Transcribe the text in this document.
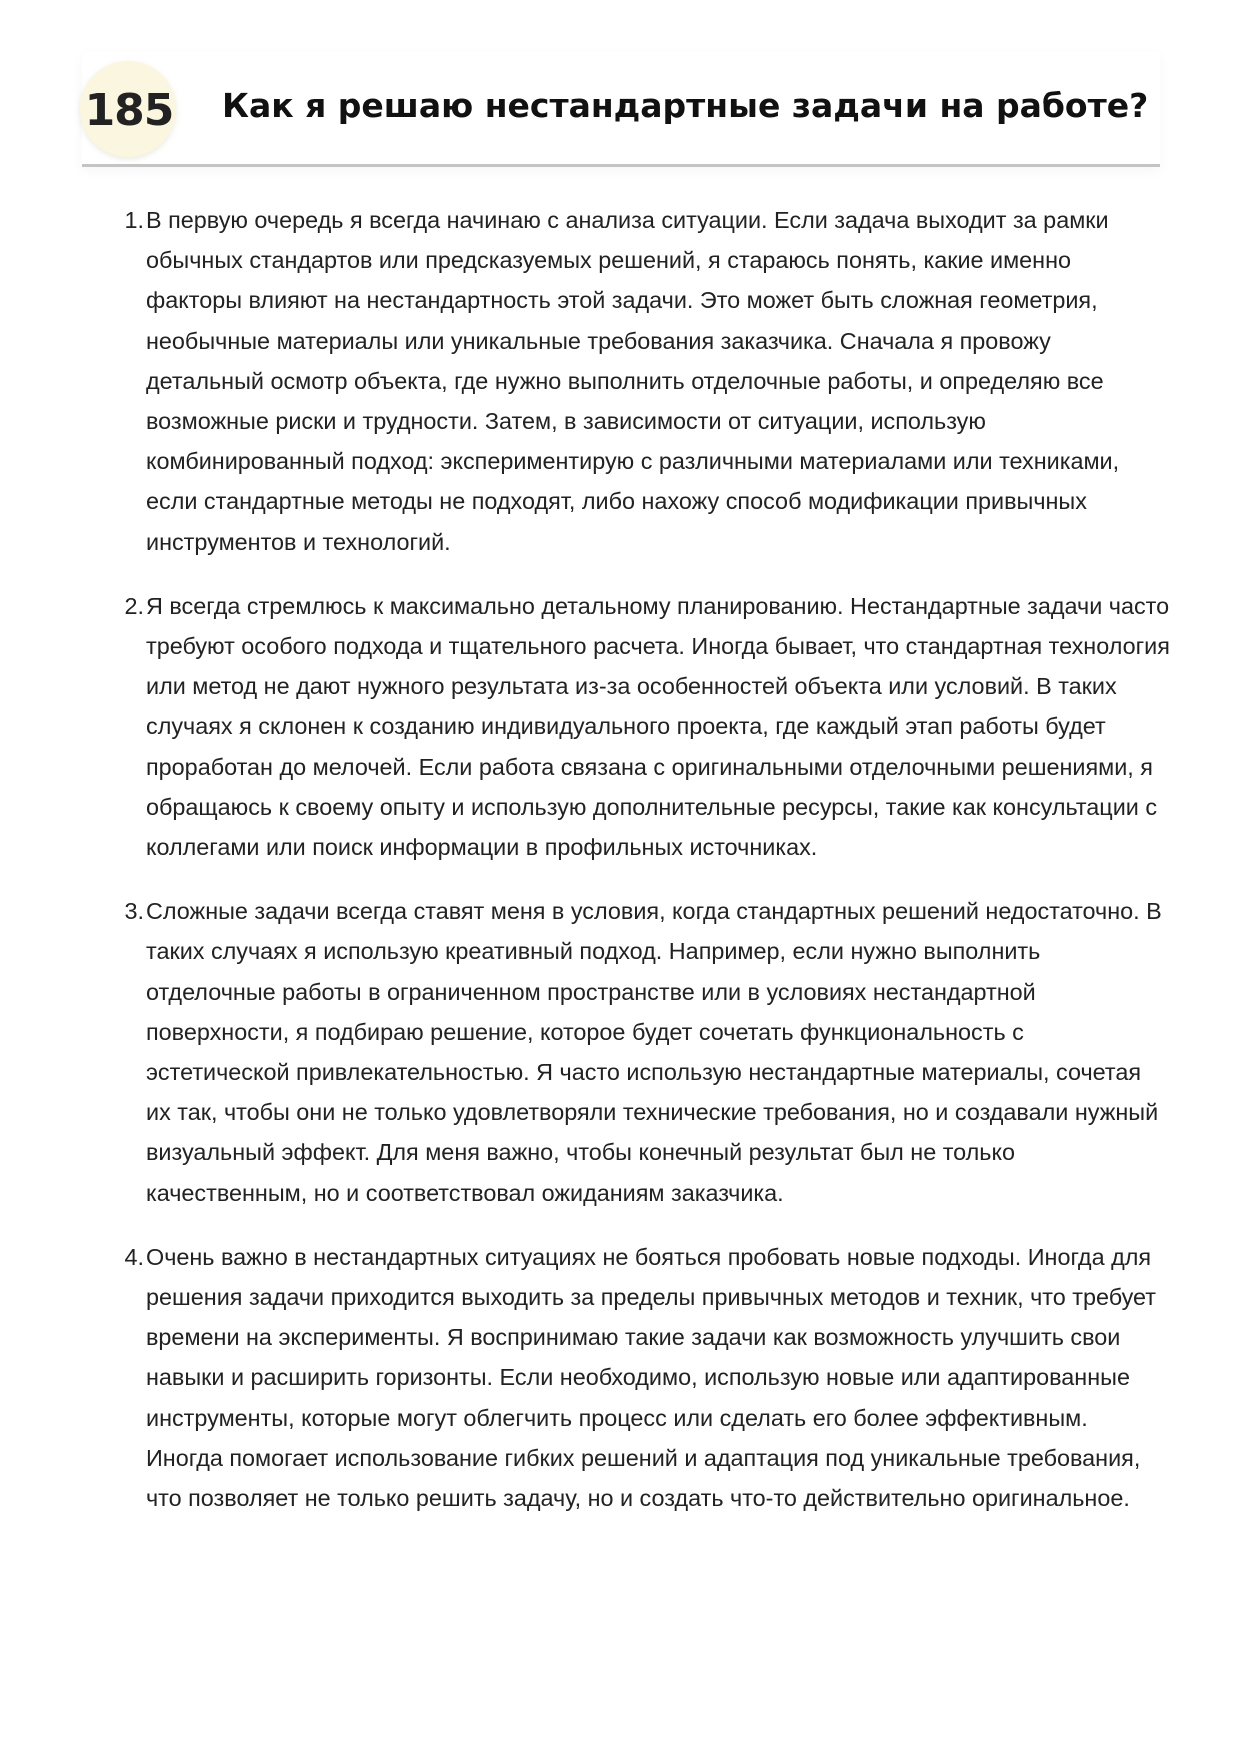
185 Как я решаю нестандартные задачи на работе?
1. В первую очередь я всегда начинаю с анализа ситуации. Если задача выходит за рамки обычных стандартов или предсказуемых решений, я стараюсь понять, какие именно факторы влияют на нестандартность этой задачи. Это может быть сложная геометрия, необычные материалы или уникальные требования заказчика. Сначала я провожу детальный осмотр объекта, где нужно выполнить отделочные работы, и определяю все возможные риски и трудности. Затем, в зависимости от ситуации, использую комбинированный подход: экспериментирую с различными материалами или техниками, если стандартные методы не подходят, либо нахожу способ модификации привычных инструментов и технологий.
2. Я всегда стремлюсь к максимально детальному планированию. Нестандартные задачи часто требуют особого подхода и тщательного расчета. Иногда бывает, что стандартная технология или метод не дают нужного результата из-за особенностей объекта или условий. В таких случаях я склонен к созданию индивидуального проекта, где каждый этап работы будет проработан до мелочей. Если работа связана с оригинальными отделочными решениями, я обращаюсь к своему опыту и использую дополнительные ресурсы, такие как консультации с коллегами или поиск информации в профильных источниках.
3. Сложные задачи всегда ставят меня в условия, когда стандартных решений недостаточно. В таких случаях я использую креативный подход. Например, если нужно выполнить отделочные работы в ограниченном пространстве или в условиях нестандартной поверхности, я подбираю решение, которое будет сочетать функциональность с эстетической привлекательностью. Я часто использую нестандартные материалы, сочетая их так, чтобы они не только удовлетворяли технические требования, но и создавали нужный визуальный эффект. Для меня важно, чтобы конечный результат был не только качественным, но и соответствовал ожиданиям заказчика.
4. Очень важно в нестандартных ситуациях не бояться пробовать новые подходы. Иногда для решения задачи приходится выходить за пределы привычных методов и техник, что требует времени на эксперименты. Я воспринимаю такие задачи как возможность улучшить свои навыки и расширить горизонты. Если необходимо, использую новые или адаптированные инструменты, которые могут облегчить процесс или сделать его более эффективным. Иногда помогает использование гибких решений и адаптация под уникальные требования, что позволяет не только решить задачу, но и создать что-то действительно оригинальное.
